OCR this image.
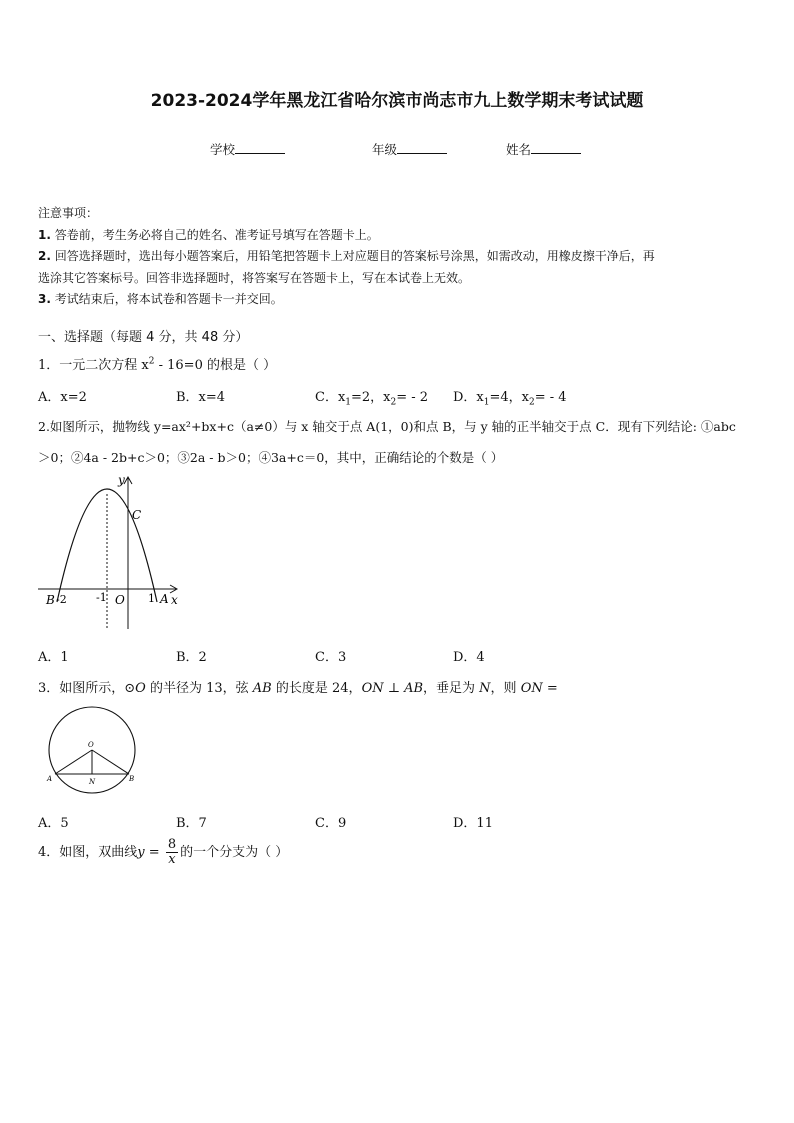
2023-2024学年黑龙江省哈尔滨市尚志市九上数学期末考试试题
学校	年级	姓名
注意事项：
1. 答卷前，考生务必将自己的姓名、准考证号填写在答题卡上。
2. 回答选择题时，选出每小题答案后，用铅笔把答题卡上对应题目的答案标号涂黑，如需改动，用橡皮擦干净后，再
选涂其它答案标号。回答非选择题时，将答案写在答题卡上，写在本试卷上无效。
3. 考试结束后，将本试卷和答题卡一并交回。
一、选择题（每题 4 分，共 48 分）
1．一元二次方程 $x^2 - 16=0$ 的根是（ ）
A．x=2	B．x=4	C．$x_1=2$，$x_2= - 2$ D．$x_1=4$，$x_2= - 4$
2.如图所示，抛物线 y=ax²+bx+c（a≠0）与 x 轴交于点 A(1，0)和点 B，与 y 轴的正半轴交于点 C．现有下列结论: ①abc
＞0；②4a - 2b+c＞0；③2a - b＞0；④3a+c＝0，其中，正确结论的个数是（ ）
y
C
B -2	-1 O 1 A x
A．1	B．2	C．3	D．4
3．如图所示，⊙O 的半径为 13，弦 AB 的长度是 24，ON ⊥ AB，垂足为 N，则 ON =
O
A	B
N
A．5	B．7	C．9	D．11
4．如图，双曲线$y = \frac{8}{x}$ 的一个分支为（ ）
